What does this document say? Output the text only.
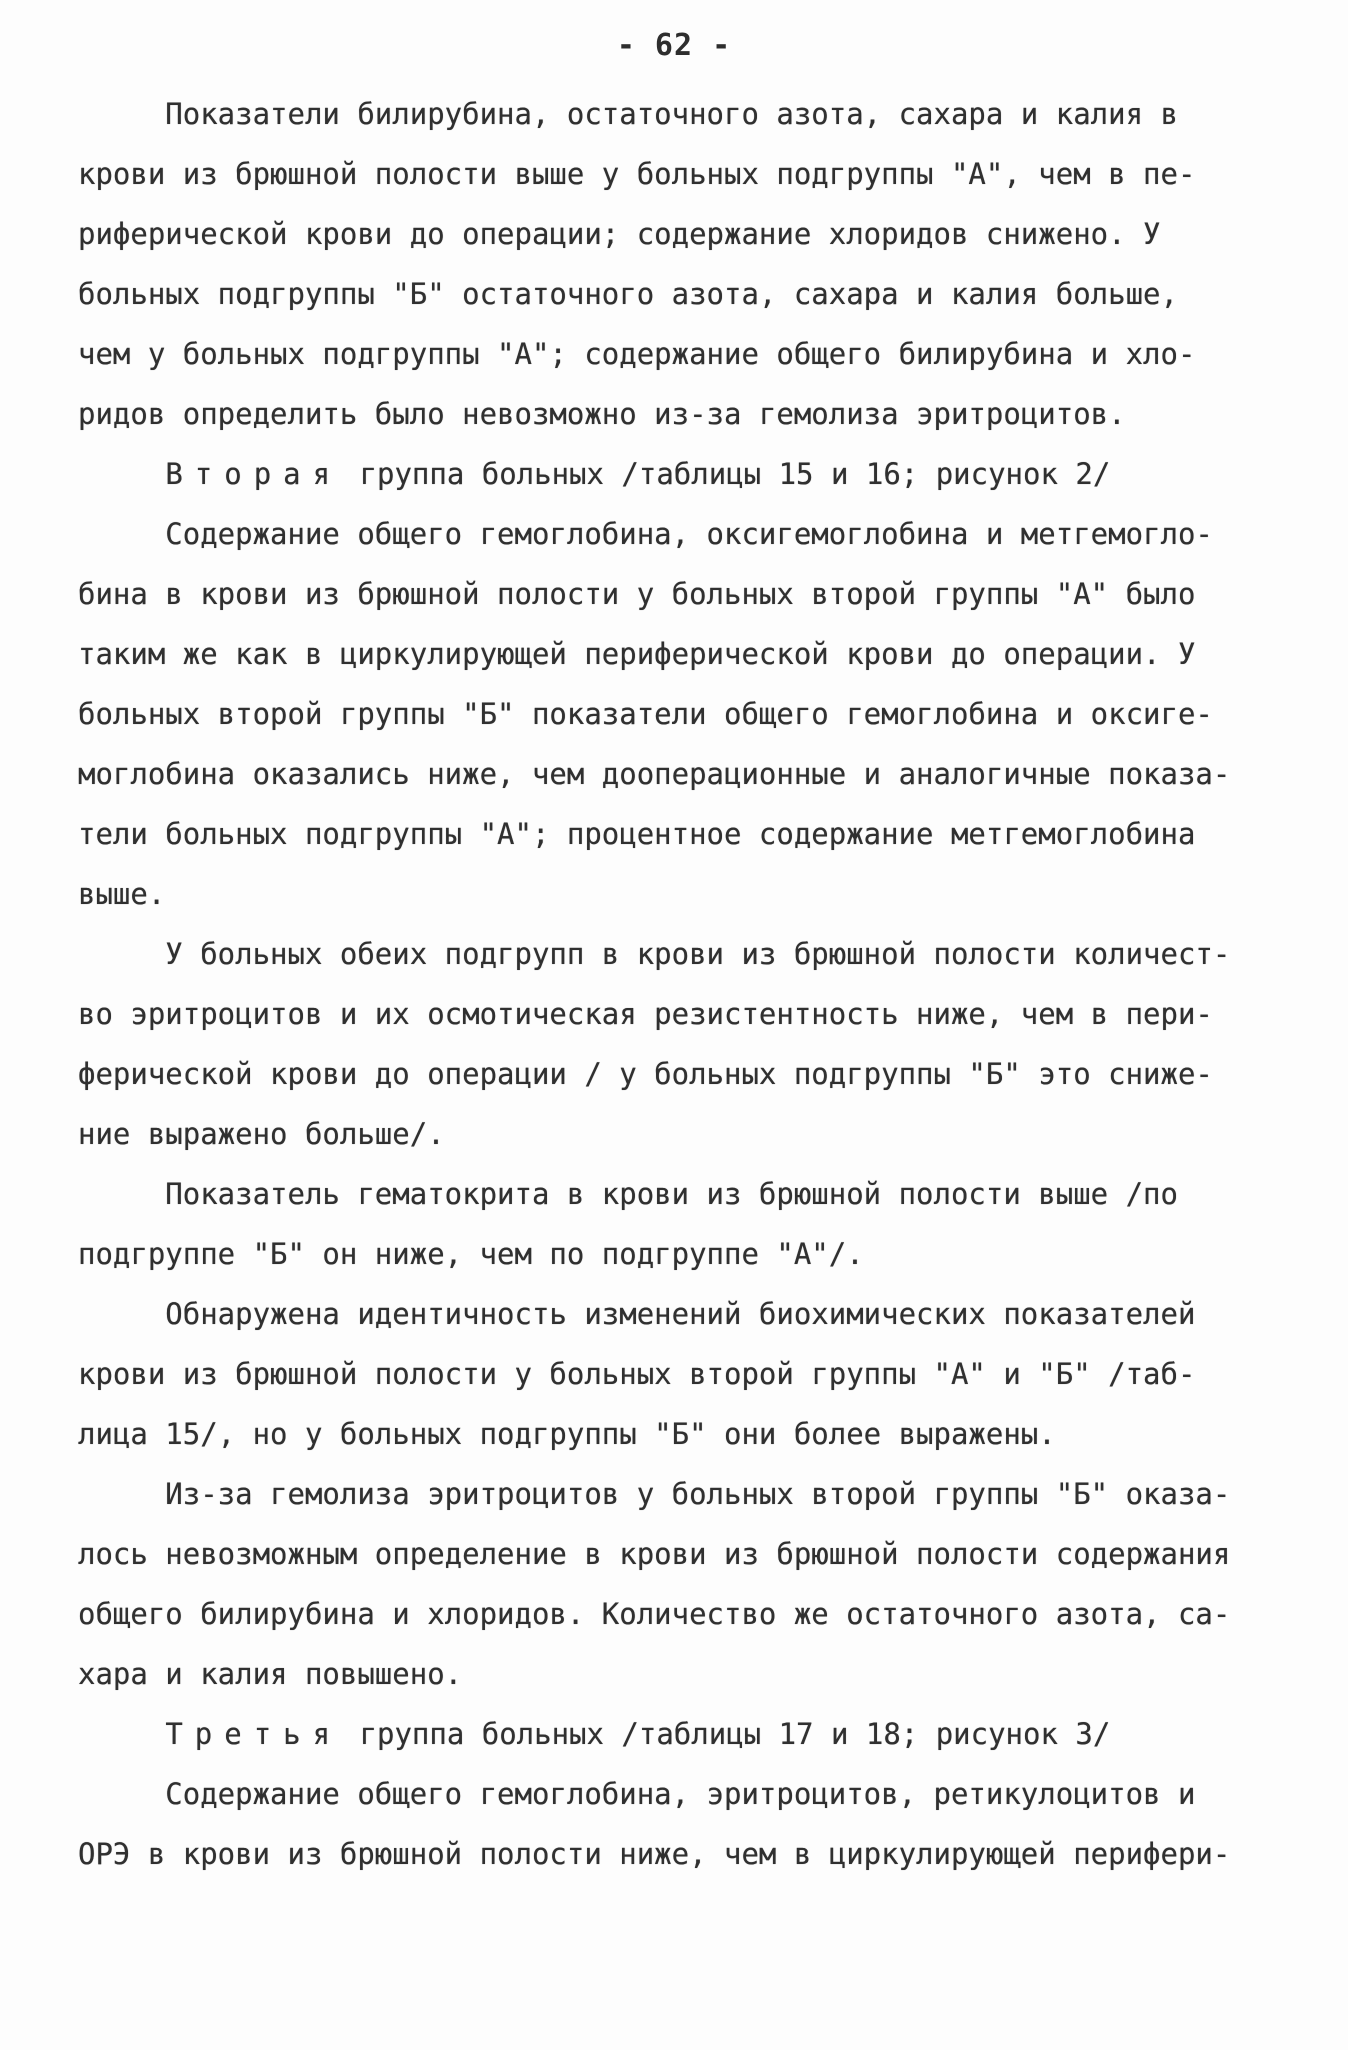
- 62 -
Показатели билирубина, остаточного азота, сахара и калия в
крови из брюшной полости выше у больных подгруппы "А", чем в пе-
риферической крови до операции; содержание хлоридов снижено. У
больных подгруппы "Б" остаточного азота, сахара и калия больше,
чем у больных подгруппы "А"; содержание общего билирубина и хло-
ридов определить было невозможно из-за гемолиза эритроцитов.
Вторая группа больных /таблицы 15 и 16; рисунок 2/
Содержание общего гемоглобина, оксигемоглобина и метгемогло-
бина в крови из брюшной полости у больных второй группы "А" было
таким же как в циркулирующей периферической крови до операции. У
больных второй группы "Б" показатели общего гемоглобина и оксиге-
моглобина оказались ниже, чем дооперационные и аналогичные показа-
тели больных подгруппы "А"; процентное содержание метгемоглобина
выше.
У больных обеих подгрупп в крови из брюшной полости количест-
во эритроцитов и их осмотическая резистентность ниже, чем в пери-
ферической крови до операции / у больных подгруппы "Б" это сниже-
ние выражено больше/.
Показатель гематокрита в крови из брюшной полости выше /по
подгруппе "Б" он ниже, чем по подгруппе "А"/.
Обнаружена идентичность изменений биохимических показателей
крови из брюшной полости у больных второй группы "А" и "Б" /таб-
лица 15/, но у больных подгруппы "Б" они более выражены.
Из-за гемолиза эритроцитов у больных второй группы "Б" оказа-
лось невозможным определение в крови из брюшной полости содержания
общего билирубина и хлоридов. Количество же остаточного азота, са-
хара и калия повышено.
Третья группа больных /таблицы 17 и 18; рисунок 3/
Содержание общего гемоглобина, эритроцитов, ретикулоцитов и
ОРЭ в крови из брюшной полости ниже, чем в циркулирующей перифери-
